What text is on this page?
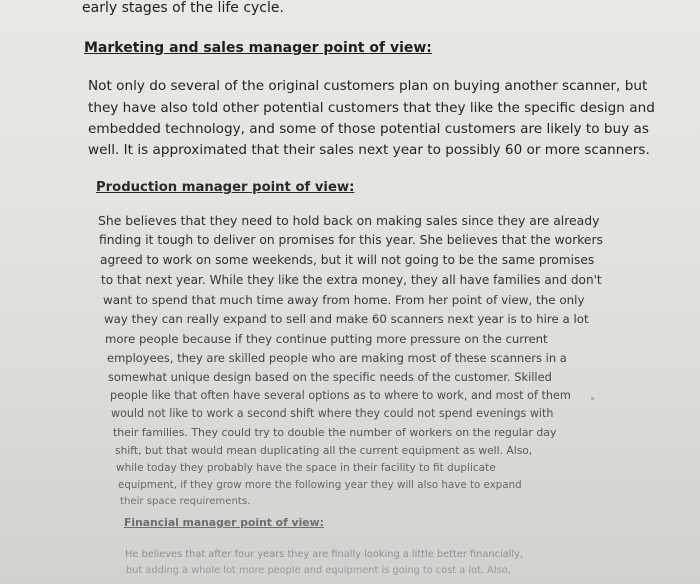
early stages of the life cycle.

Marketing and sales manager point of view:

Not only do several of the original customers plan on buying another scanner, but

they have also told other potential customers that they like the specific design and

embedded technology, and some of those potential customers are likely to buy as

well. It is approximated that their sales next year to possibly 60 or more scanners.

Production manager point of view:

She believes that they need to hold back on making sales since they are already

finding it tough to deliver on promises for this year. She believes that the workers

agreed to work on some weekends, but it will not going to be the same promises

to that next year. While they like the extra money, they all have families and don't

want to spend that much time away from home. From her point of view, the only

way they can really expand to sell and make 60 scanners next year is to hire a lot

more people because if they continue putting more pressure on the current

employees, they are skilled people who are making most of these scanners in a

somewhat unique design based on the specific needs of the customer. Skilled

people like that often have several options as to where to work, and most of them

would not like to work a second shift where they could not spend evenings with

their families. They could try to double the number of workers on the regular day

shift, but that would mean duplicating all the current equipment as well. Also,

while today they probably have the space in their facility to fit duplicate

equipment, if they grow more the following year they will also have to expand

their space requirements.

Financial manager point of view:

He believes that after four years they are finally looking a little better financially,

but adding a whole lot more people and equipment is going to cost a lot. Also,
